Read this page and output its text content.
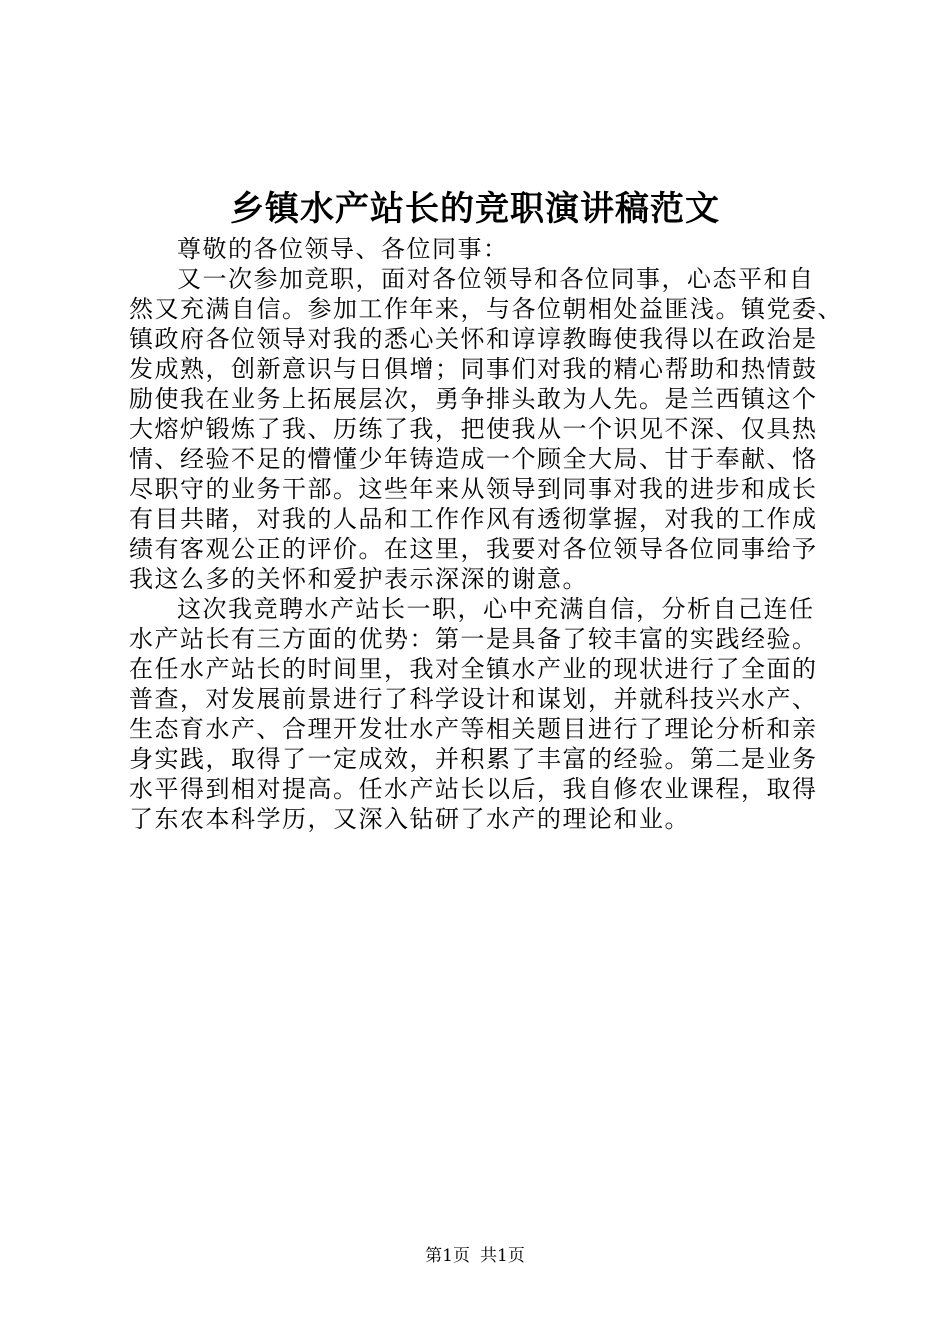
乡镇水产站长的竞职演讲稿范文
尊敬的各位领导、各位同事：
又一次参加竞职，面对各位领导和各位同事，心态平和自
然又充满自信。参加工作年来，与各位朝相处益匪浅。镇党委、
镇政府各位领导对我的悉心关怀和谆谆教晦使我得以在政治是
发成熟，创新意识与日俱增；同事们对我的精心帮助和热情鼓
励使我在业务上拓展层次，勇争排头敢为人先。是兰西镇这个
大熔炉锻炼了我、历练了我，把使我从一个识见不深、仅具热
情、经验不足的懵懂少年铸造成一个顾全大局、甘于奉献、恪
尽职守的业务干部。这些年来从领导到同事对我的进步和成长
有目共睹，对我的人品和工作作风有透彻掌握，对我的工作成
绩有客观公正的评价。在这里，我要对各位领导各位同事给予
我这么多的关怀和爱护表示深深的谢意。
这次我竞聘水产站长一职，心中充满自信，分析自己连任
水产站长有三方面的优势：第一是具备了较丰富的实践经验。
在任水产站长的时间里，我对全镇水产业的现状进行了全面的
普查，对发展前景进行了科学设计和谋划，并就科技兴水产、
生态育水产、合理开发壮水产等相关题目进行了理论分析和亲
身实践，取得了一定成效，并积累了丰富的经验。第二是业务
水平得到相对提高。任水产站长以后，我自修农业课程，取得
了东农本科学历，又深入钻研了水产的理论和业。
第1页 共1页
